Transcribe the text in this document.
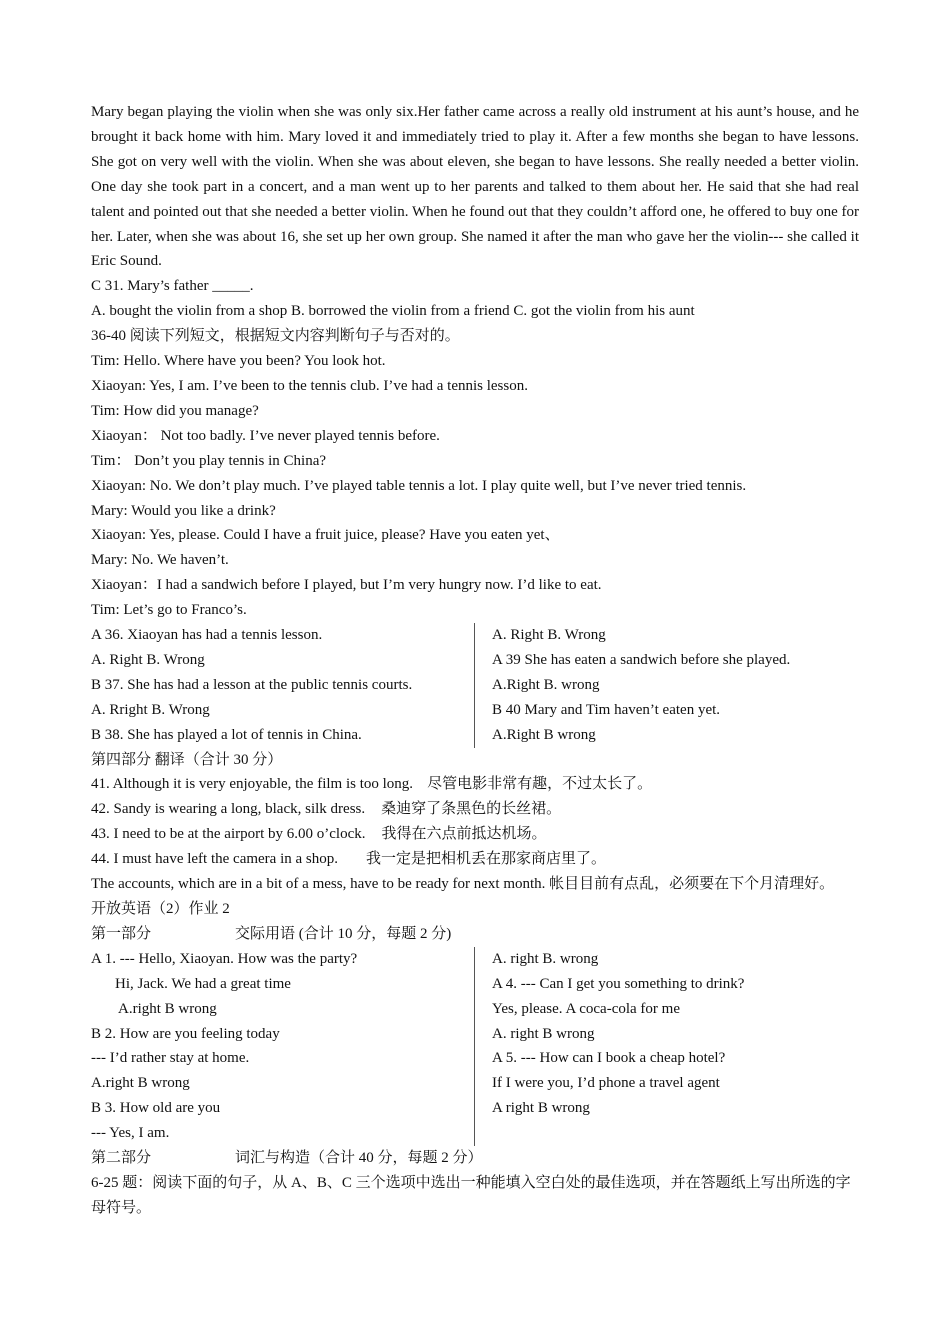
Mary began playing the violin when she was only six.Her father came across a really old instrument at his aunt’s house, and he brought it back home with him. Mary loved it and immediately tried to play it. After a few months she began to have lessons. She got on very well with the violin. When she was about eleven, she began to have lessons. She really needed a better violin. One day she took part in a concert, and a man went up to her parents and talked to them about her. He said that she had real talent and pointed out that she needed a better violin. When he found out that they couldn’t afford one, he offered to buy one for her. Later, when she was about 16, she set up her own group. She named it after the man who gave her the violin--- she called it Eric Sound.

C 31. Mary’s father _____.

A. bought the violin from a shop B. borrowed the violin from a friend C. got the violin from his aunt

36-40 阅读下列短文，根据短文内容判断句子与否对的。

Tim: Hello. Where have you been? You look hot.

Xiaoyan: Yes, I am. I’ve been to the tennis club. I’ve had a tennis lesson.

Tim: How did you manage?

Xiaoyan： Not too badly. I’ve never played tennis before.

Tim： Don’t you play tennis in China?

Xiaoyan: No. We don’t play much. I’ve played table tennis a lot. I play quite well, but I’ve never tried tennis.

Mary: Would you like a drink?

Xiaoyan: Yes, please. Could I have a fruit juice, please? Have you eaten yet、

Mary: No. We haven’t.

Xiaoyan：I had a sandwich before I played, but I’m very hungry now. I’d like to eat.

Tim: Let’s go to Franco’s.

A 36. Xiaoyan has had a tennis lesson.

A. Right B. Wrong

B 37. She has had a lesson at the public tennis courts.

A. Rright B. Wrong

B 38. She has played a lot of tennis in China.

A. Right B. Wrong

A 39 She has eaten a sandwich before she played.

A.Right B. wrong

B 40 Mary and Tim haven’t eaten yet.

A.Right B wrong

第四部分 翻译（合计 30 分）

41. Although it is very enjoyable, the film is too long. 尽管电影非常有趣，不过太长了。

42. Sandy is wearing a long, black, silk dress. 桑迪穿了条黑色的长丝裙。

43. I need to be at the airport by 6.00 o’clock. 我得在六点前抵达机场。

44. I must have left the camera in a shop. 我一定是把相机丢在那家商店里了。

The accounts, which are in a bit of a mess, have to be ready for next month. 帐目目前有点乱，必须要在下个月清理好。

开放英语（2）作业 2

第一部分	交际用语 (合计 10 分，每题 2 分)

A 1. --- Hello, Xiaoyan. How was the party?

Hi, Jack. We had a great time

A.right B wrong

B 2. How are you feeling today

--- I’d rather stay at home.

A.right B wrong

B 3. How old are you

--- Yes, I am.

A. right B. wrong

A 4. --- Can I get you something to drink?

Yes, please. A coca-cola for me

A. right B wrong

A 5. --- How can I book a cheap hotel?

If I were you, I’d phone a travel agent

A right B wrong

第二部分	词汇与构造（合计 40 分，每题 2 分）

6-25 题：阅读下面的句子，从 A、B、C 三个选项中选出一种能填入空白处的最佳选项，并在答题纸上写出所选的字母符号。
